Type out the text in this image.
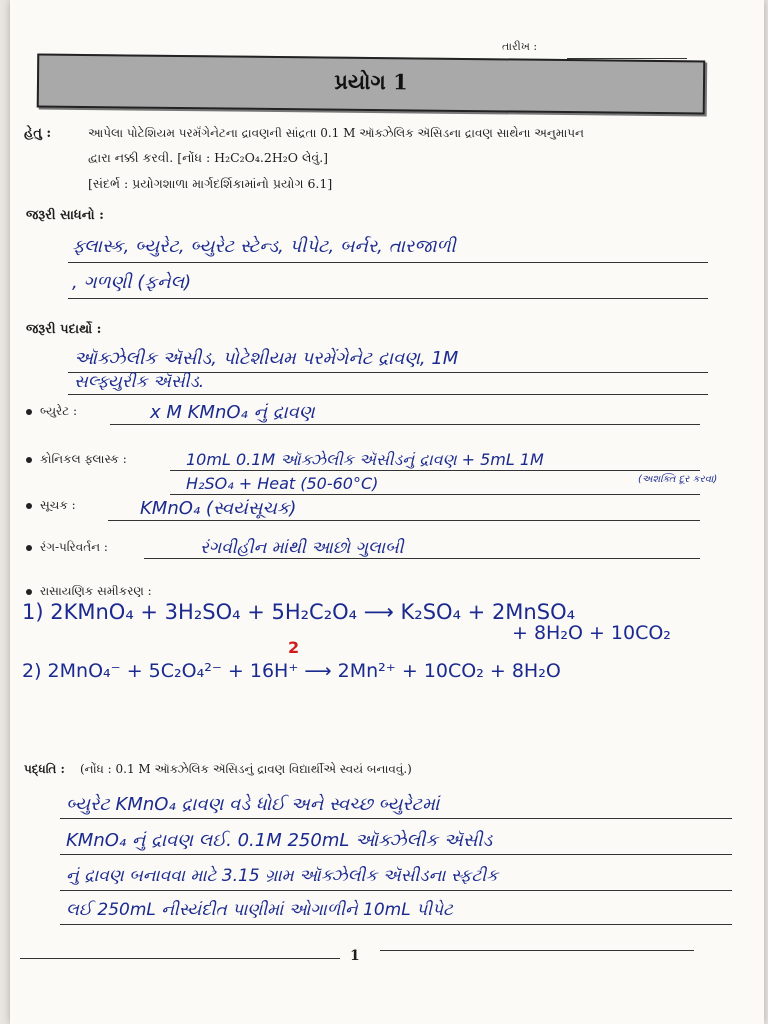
તારીખ :
પ્રયોગ 1
હેતુ :	આપેલા પોટેશિયમ પરમૅંગેનેટના દ્રાવણની સાંદ્રતા 0.1 M ઑક્ઝેલિક ઍસિડના દ્રાવણ સાથેના અનુમાપન
દ્વારા નક્કી કરવી. [નોંધ : H₂C₂O₄.2H₂O લેવું.]
[સંદર્ભ : પ્રયોગશાળા માર્ગદર્શિકામાંનો પ્રયોગ 6.1]
જરૂરી સાધનો :
ફ્લાસ્ક, બ્યુરેટ, બ્યુરેટ સ્ટેન્ડ, પીપેટ, બર્નર, તારજાળી
, ગળણી (ફનેલ)
જરૂરી પદાર્થો :
ઑક્ઝેલીક ઍસીડ, પોટેશીયમ પરમેંગેનેટ દ્રાવણ, 1M
સલ્ફ્યુરીક ઍસીડ.
બ્યુરેટ :	x M KMnO₄ નું દ્રાવણ
કોનિકલ ફ્લાસ્ક :	10mL 0.1M ઑક્ઝેલીક ઍસીડનું દ્રાવણ + 5mL 1M
H₂SO₄ + Heat (50-60°C)	(અશક્તિ દૂર કરવા)
સૂચક :	KMnO₄ (સ્વયંસૂચક)
રંગ-પરિવર્તન :	રંગવીહીન માંથી આછો ગુલાબી
રાસાયણિક સમીકરણ :
1) 2KMnO₄ + 3H₂SO₄ + 5H₂C₂O₄ ⟶ K₂SO₄ + 2MnSO₄
+ 8H₂O + 10CO₂
2
2) 2MnO₄⁻ + 5C₂O₄²⁻ + 16H⁺ ⟶ 2Mn²⁺ + 10CO₂ + 8H₂O
પદ્ધતિ : (નોંધ : 0.1 M ઑક્ઝેલિક ઍસિડનું દ્રાવણ વિદ્યાર્થીએ સ્વયં બનાવવું.)
બ્યુરેટ KMnO₄ દ્રાવણ વડે ધોઈ અને સ્વચ્છ બ્યુરેટમાં
KMnO₄ નું દ્રાવણ લઈ. 0.1M 250mL ઑક્ઝેલીક ઍસીડ
નું દ્રાવણ બનાવવા માટે 3.15 ગ્રામ ઑક્ઝેલીક ઍસીડના સ્ફટીક
લઈ 250mL નીસ્યંદીત પાણીમાં ઓગાળીને 10mL પીપેટ
1
